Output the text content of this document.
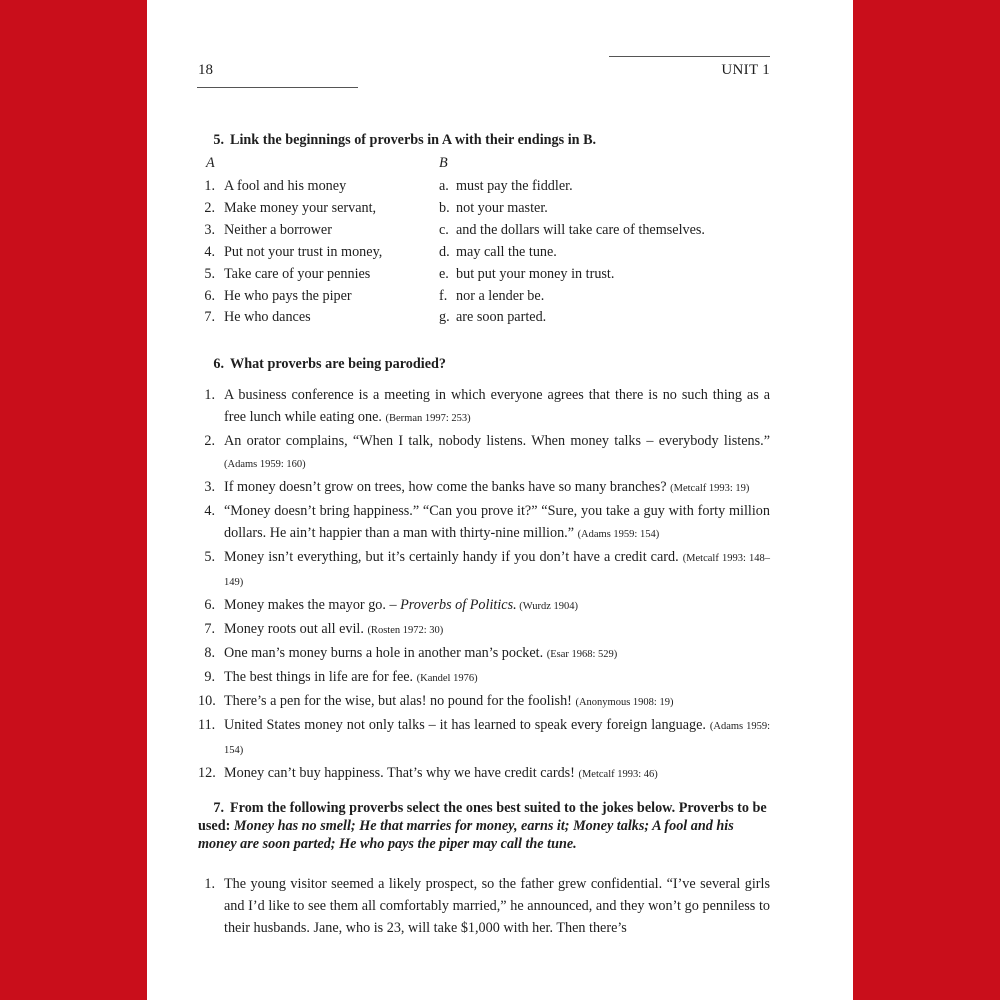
18	UNIT 1
5. Link the beginnings of proverbs in A with their endings in B.
A	B
1. A fool and his money	a. must pay the fiddler.
2. Make money your servant,	b. not your master.
3. Neither a borrower	c. and the dollars will take care of themselves.
4. Put not your trust in money,	d. may call the tune.
5. Take care of your pennies	e. but put your money in trust.
6. He who pays the piper	f. nor a lender be.
7. He who dances	g. are soon parted.
6. What proverbs are being parodied?
1. A business conference is a meeting in which everyone agrees that there is no such thing as a free lunch while eating one. (Berman 1997: 253)
2. An orator complains, “When I talk, nobody listens. When money talks – everybody listens.” (Adams 1959: 160)
3. If money doesn’t grow on trees, how come the banks have so many branches? (Metcalf 1993: 19)
4. “Money doesn’t bring happiness.” “Can you prove it?” “Sure, you take a guy with forty million dollars. He ain’t happier than a man with thirty-nine million.” (Adams 1959: 154)
5. Money isn’t everything, but it’s certainly handy if you don’t have a credit card. (Metcalf 1993: 148–149)
6. Money makes the mayor go. – Proverbs of Politics. (Wurdz 1904)
7. Money roots out all evil. (Rosten 1972: 30)
8. One man’s money burns a hole in another man’s pocket. (Esar 1968: 529)
9. The best things in life are for fee. (Kandel 1976)
10. There’s a pen for the wise, but alas! no pound for the foolish! (Anonymous 1908: 19)
11. United States money not only talks – it has learned to speak every foreign language. (Adams 1959: 154)
12. Money can’t buy happiness. That’s why we have credit cards! (Metcalf 1993: 46)
7. From the following proverbs select the ones best suited to the jokes below. Proverbs to be used: Money has no smell; He that marries for money, earns it; Money talks; A fool and his money are soon parted; He who pays the piper may call the tune.
1. The young visitor seemed a likely prospect, so the father grew confidential. “I’ve several girls and I’d like to see them all comfortably married,” he announced, and they won’t go penniless to their husbands. Jane, who is 23, will take $1,000 with her. Then there’s
